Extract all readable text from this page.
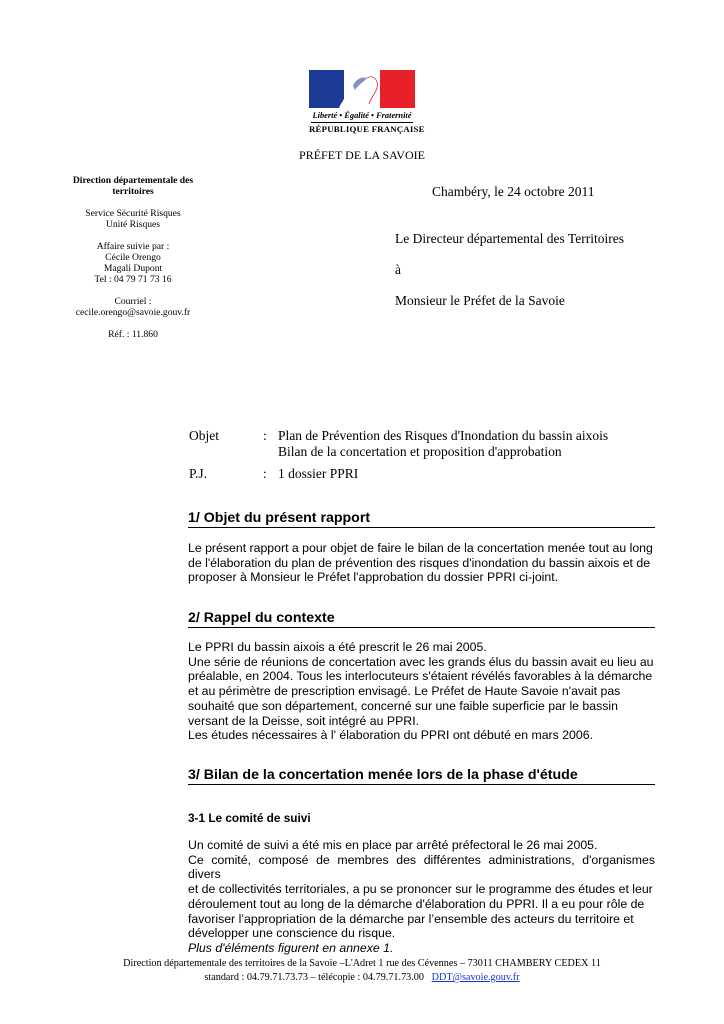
Liberté • Égalité • Fraternité
RÉPUBLIQUE FRANÇAISE
PRÉFET DE LA SAVOIE
Direction départementale des
territoires
Service Sécurité Risques
Unité Risques
Affaire suivie par :
Cécile Orengo
Magali Dupont
Tel : 04 79 71 73 16
Courriel :
cecile.orengo@savoie.gouv.fr
Réf. : 11.860
Chambéry, le 24 octobre 2011
Le Directeur départemental des Territoires
à
Monsieur le Préfet de la Savoie
Objet	: Plan de Prévention des Risques d'Inondation du bassin aixois
Bilan de la concertation et proposition d'approbation
P.J.	: 1 dossier PPRI
1/ Objet du présent rapport
Le présent rapport a pour objet de faire le bilan de la concertation menée tout au long
de l'élaboration du plan de prévention des risques d'inondation du bassin aixois et de
proposer à Monsieur le Préfet l'approbation du dossier PPRI ci-joint.
2/ Rappel du contexte
Le PPRI du bassin aixois a été prescrit le 26 mai 2005.
Une série de réunions de concertation avec les grands élus du bassin avait eu lieu au
préalable, en 2004. Tous les interlocuteurs s'étaient révélés favorables à la démarche
et au périmètre de prescription envisagé. Le Préfet de Haute Savoie n'avait pas
souhaité que son département, concerné sur une faible superficie par le bassin
versant de la Deisse, soit intégré au PPRI.
Les études nécessaires à l' élaboration du PPRI ont débuté en mars 2006.
3/ Bilan de la concertation menée lors de la phase d'étude
3-1 Le comité de suivi
Un comité de suivi a été mis en place par arrêté préfectoral le 26 mai 2005.
Ce comité, composé de membres des différentes administrations, d'organismes divers
et de collectivités territoriales, a pu se prononcer sur le programme des études et leur
déroulement tout au long de la démarche d'élaboration du PPRI. Il a eu pour rôle de
favoriser l’appropriation de la démarche par l’ensemble des acteurs du territoire et
développer une conscience du risque.
Plus d'éléments figurent en annexe 1.
Direction départementale des territoires de la Savoie –L'Adret 1 rue des Cévennes – 73011 CHAMBERY CEDEX 11
standard : 04.79.71.73.73 – télécopie : 04.79.71.73.00 DDT@savoie.gouv.fr
